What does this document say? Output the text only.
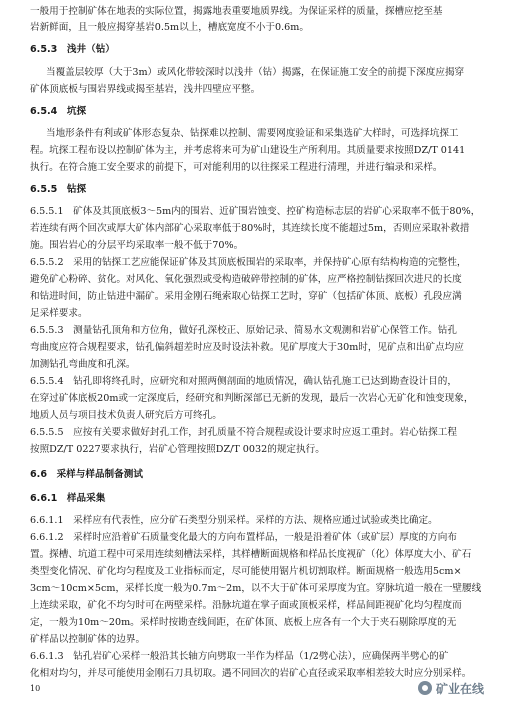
一般用于控制矿体在地表的实际位置，揭露地表重要地质界线。为保证采样的质量，探槽应挖至基
岩新鲜面，且一般应揭穿基岩0.5m以上，槽底宽度不小于0.6m。
6.5.3　浅井（钻）
当覆盖层较厚（大于3m）或风化带较深时以浅井（钻）揭露，在保证施工安全的前提下深度应揭穿
矿体顶底板与围岩界线或揭至基岩，浅井四壁应平整。
6.5.4　坑探
当地形条件有利或矿体形态复杂、钻探难以控制、需要网度验证和采集选矿大样时，可选择坑探工
程。坑探工程布设以控制矿体为主，并考虑将来可为矿山建设生产所利用。其质量要求按照DZ/T 0141
执行。在符合施工安全要求的前提下，可对能利用的以往探采工程进行清理，并进行编录和采样。
6.5.5　钻探
6.5.5.1　矿体及其顶底板3～5m内的围岩、近矿围岩蚀变、控矿构造标志层的岩矿心采取率不低于80%，
若连续有两个回次或厚大矿体内部矿心采取率低于80%时，其连续长度不能超过5m，否则应采取补救措
施。围岩岩心的分层平均采取率一般不低于70%。
6.5.5.2　采用的钻探工艺应能保证矿体及其顶底板围岩的采取率，并保持矿心原有结构构造的完整性，
避免矿心粉碎、贫化。对风化、氧化强烈或受构造破碎带控制的矿体，应严格控制钻探回次进尺的长度
和钻进时间，防止钻进中漏矿。采用金刚石绳索取心钻探工艺时，穿矿（包括矿体顶、底板）孔段应满
足采样要求。
6.5.5.3　测量钻孔顶角和方位角，做好孔深校正、原始记录、简易水文观测和岩矿心保管工作。钻孔
弯曲度应符合规程要求，钻孔偏斜超差时应及时设法补救。见矿厚度大于30m时，见矿点和出矿点均应
加测钻孔弯曲度和孔深。
6.5.5.4　钻孔即将终孔时，应研究和对照两侧剖面的地质情况，确认钻孔施工已达到勘查设计目的，
在穿过矿体底板20m或一定深度后，经研究和判断深部已无新的发现，最后一次岩心无矿化和蚀变现象，
地质人员与项目技术负责人研究后方可终孔。
6.5.5.5　应按有关要求做好封孔工作，封孔质量不符合规程或设计要求时应返工重封。岩心钻探工程
按照DZ/T 0227要求执行，岩矿心管理按照DZ/T 0032的规定执行。
6.6　采样与样品制备测试
6.6.1　样品采集
6.6.1.1　采样应有代表性，应分矿石类型分别采样。采样的方法、规格应通过试验或类比确定。
6.6.1.2　采样时应沿着矿石质量变化最大的方向布置样品，一般是沿着矿体（或矿层）厚度的方向布
置。探槽、坑道工程中可采用连续刻槽法采样，其样槽断面规格和样品长度视矿（化）体厚度大小、矿石
类型变化情况、矿化均匀程度及工业指标而定，尽可能使用锯片机切割取样。断面规格一般选用5cm×
3cm～10cm×5cm，采样长度一般为0.7m～2m，以不大于矿体可采厚度为宜。穿脉坑道一般在一壁腰线
上连续采取，矿化不均匀时可在两壁采样。沿脉坑道在掌子面或顶板采样，样品间距视矿化均匀程度而
定，一般为10m～20m。采样时按勘查线间距，在矿体顶、底板上应各有一个大于夹石剔除厚度的无
矿样品以控制矿体的边界。
6.6.1.3　钻孔岩矿心采样一般沿其长轴方向劈取一半作为样品（1/2劈心法），应确保两半劈心的矿
化相对均匀，并尽可能使用金刚石刀具切取。遇不同回次的岩矿心直径或采取率相差较大时应分别采样。
10	矿业在线
